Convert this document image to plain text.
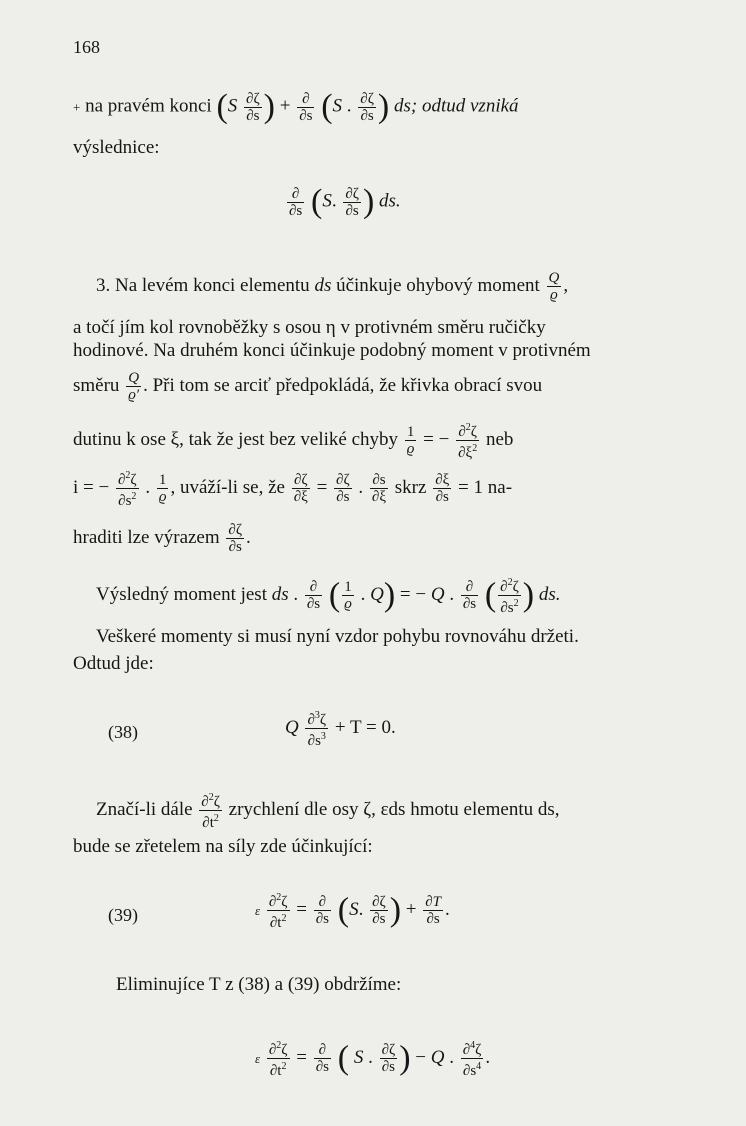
168
+ na pravém konci ($S \frac{\partial\zeta}{\partial s}$ ) + $\frac{\partial}{\partial s} (S$ . $\frac{\partial\zeta}{\partial s}$ ) ds; odtud vzniká
výslednice:
$\frac{\partial}{\partial s} (S$. $\frac{\partial\zeta}{\partial s}$ ) ds.
3. Na levém konci elementu ds účinkuje ohybový moment $\frac{Q}{ϱ}$ ,
a točí jím kol rovnoběžky s osou η v protivném směru ručičky
hodinové. Na druhém konci účinkuje podobný moment v protivném
směru $\frac{Q}{ϱ'}$ . Při tom se arciť předpokládá, že křivka obrací svou
dutinu k ose ξ, tak že jest bez veliké chyby $\frac{1}{ϱ}$ = − $\frac{\partial^2\zeta}{\partial\xi^2}$ neb
i = − $\frac{\partial^2\zeta}{\partial s^2}$ . $\frac{1}{ϱ}$ , uváží-li se, že $\frac{\partial\zeta}{\partial\xi} = \frac{\partial\zeta}{\partial s}$ . $\frac{\partial s}{\partial\xi}$ skrz $\frac{\partial\xi}{\partial s} = 1$ na-
hraditi lze výrazem $\frac{\partial\zeta}{\partial s}$ .
Výsledný moment jest ds . $\frac{\partial}{\partial s}$ ( $\frac{1}{ϱ}$ . Q) = − Q . $\frac{\partial}{\partial s}$ ( $\frac{\partial^2\zeta}{\partial s^2}$ ) ds.
Veškeré momenty si musí nyní vzdor pohybu rovnováhu držeti.
Odtud jde:
(38)	Q $\frac{\partial^3\zeta}{\partial s^3} + T = 0$.
Značí-li dále $\frac{\partial^2\zeta}{\partial t^2}$ zrychlení dle osy ζ, εds hmotu elementu ds,
bude se zřetelem na síly zde účinkující:
(39)	ε $\frac{\partial^2\zeta}{\partial t^2} = \frac{\partial}{\partial s} (S$. $\frac{\partial\zeta}{\partial s}$ ) + $\frac{\partial T}{\partial s}$ .
Eliminujíce T z (38) a (39) obdržíme:
ε $\frac{\partial^2\zeta}{\partial t^2} = \frac{\partial}{\partial s}$ ( S . $\frac{\partial\zeta}{\partial s}$ ) − Q . $\frac{\partial^4\zeta}{\partial s^4}$ .
